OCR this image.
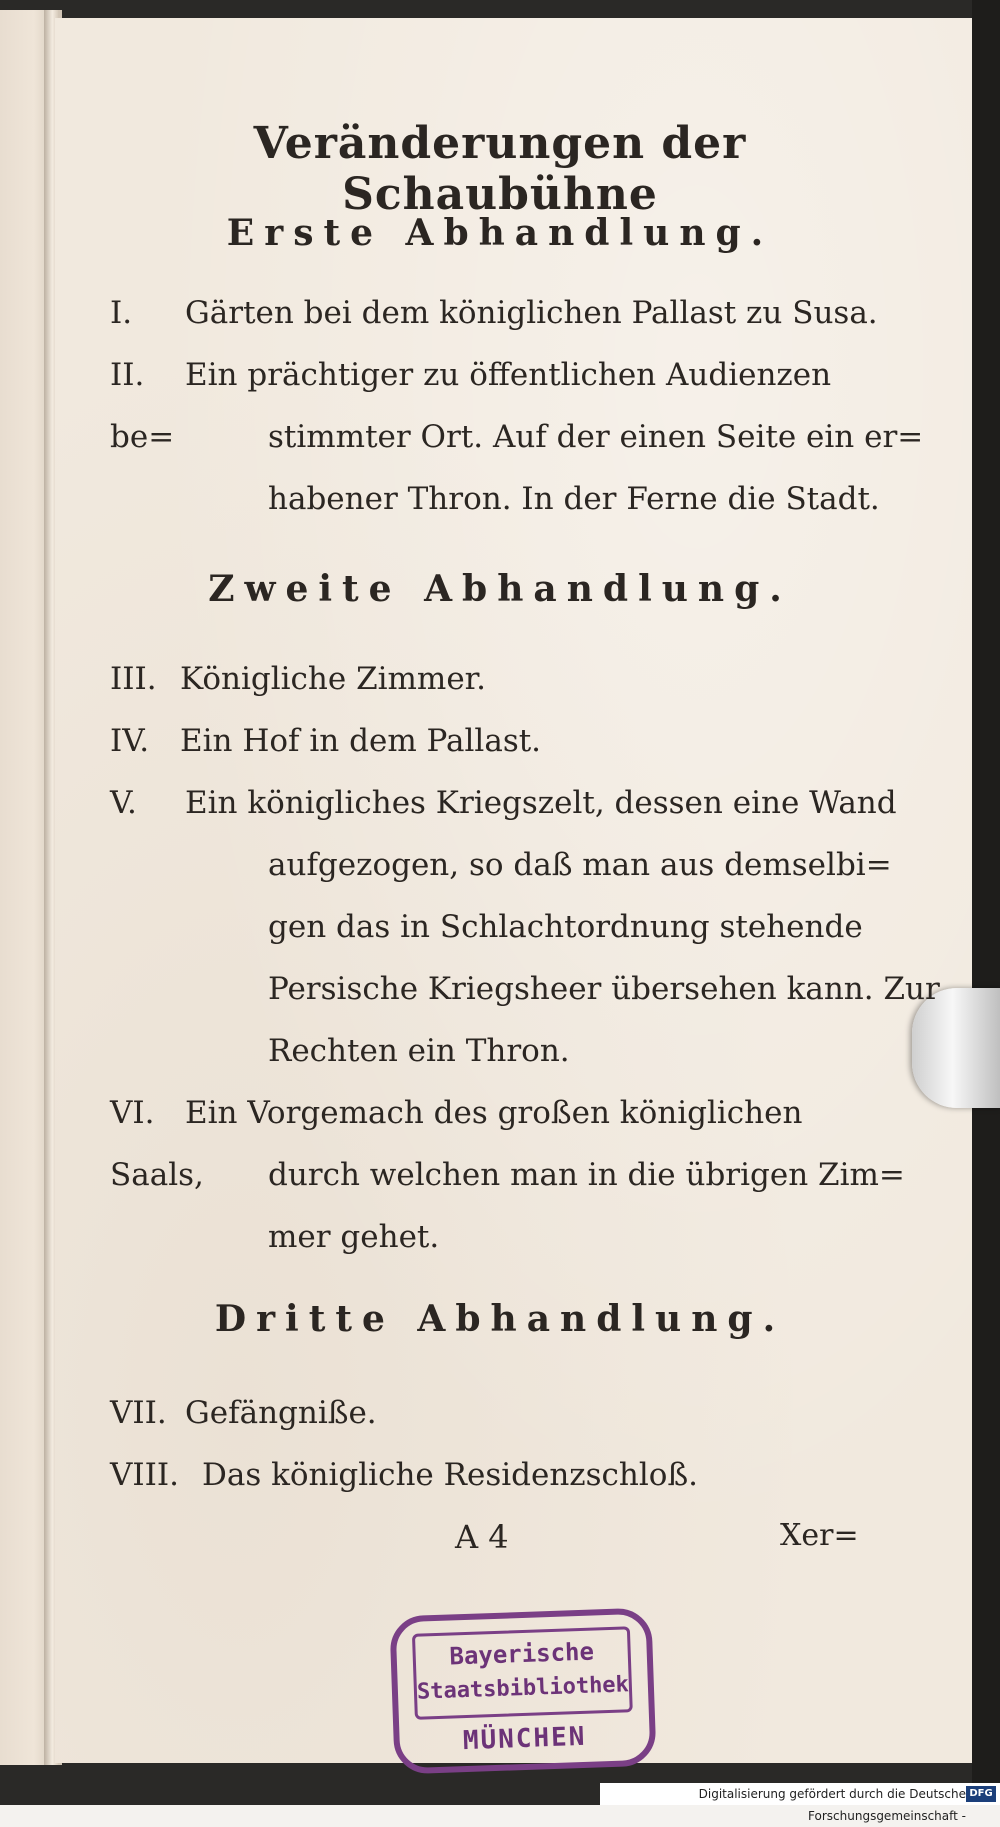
Veränderungen der Schaubühne
Erste Abhandlung.
I. Gärten bei dem königlichen Pallast zu Susa.
II. Ein prächtiger zu öffentlichen Audienzen be=	stimmter Ort. Auf der einen Seite ein er=
habener Thron. In der Ferne die Stadt.
Zweite Abhandlung.
III. Königliche Zimmer.
IV. Ein Hof in dem Pallast.
V. Ein königliches Kriegszelt, dessen eine Wand
aufgezogen, so daß man aus demselbi=
gen das in Schlachtordnung stehende
Persische Kriegsheer übersehen kann. Zur
Rechten ein Thron.
VI. Ein Vorgemach des großen königlichen Saals,	durch welchen man in die übrigen Zim=
mer gehet.
Dritte Abhandlung.
VII. Gefängniße.
VIII. Das königliche Residenzschloß.
A 4	Xer=
Bayerische
Staatsbibliothek
MÜNCHEN
Digitalisierung gefördert durch die Deutsche Forschungsgemeinschaft -
DFG
